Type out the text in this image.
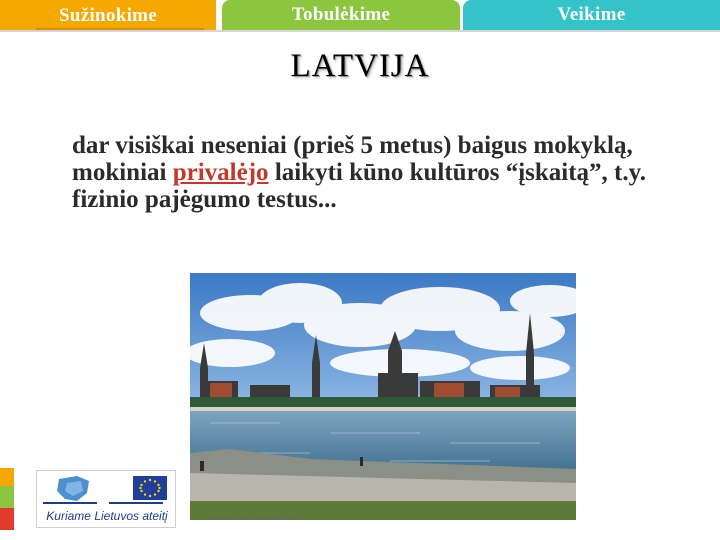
Sužinokime	Tobulėkime	Veikime
LATVIJA
dar visiškai neseniai (prieš 5 metus) baigus mokyklą, mokiniai privalėjo laikyti kūno kultūros “įskaitą”, t.y. fizinio pajėgumo testus...
Kuriame Lietuvos ateitį	ES STRUKTŪRINĖ PARAMA LIETUVAI
